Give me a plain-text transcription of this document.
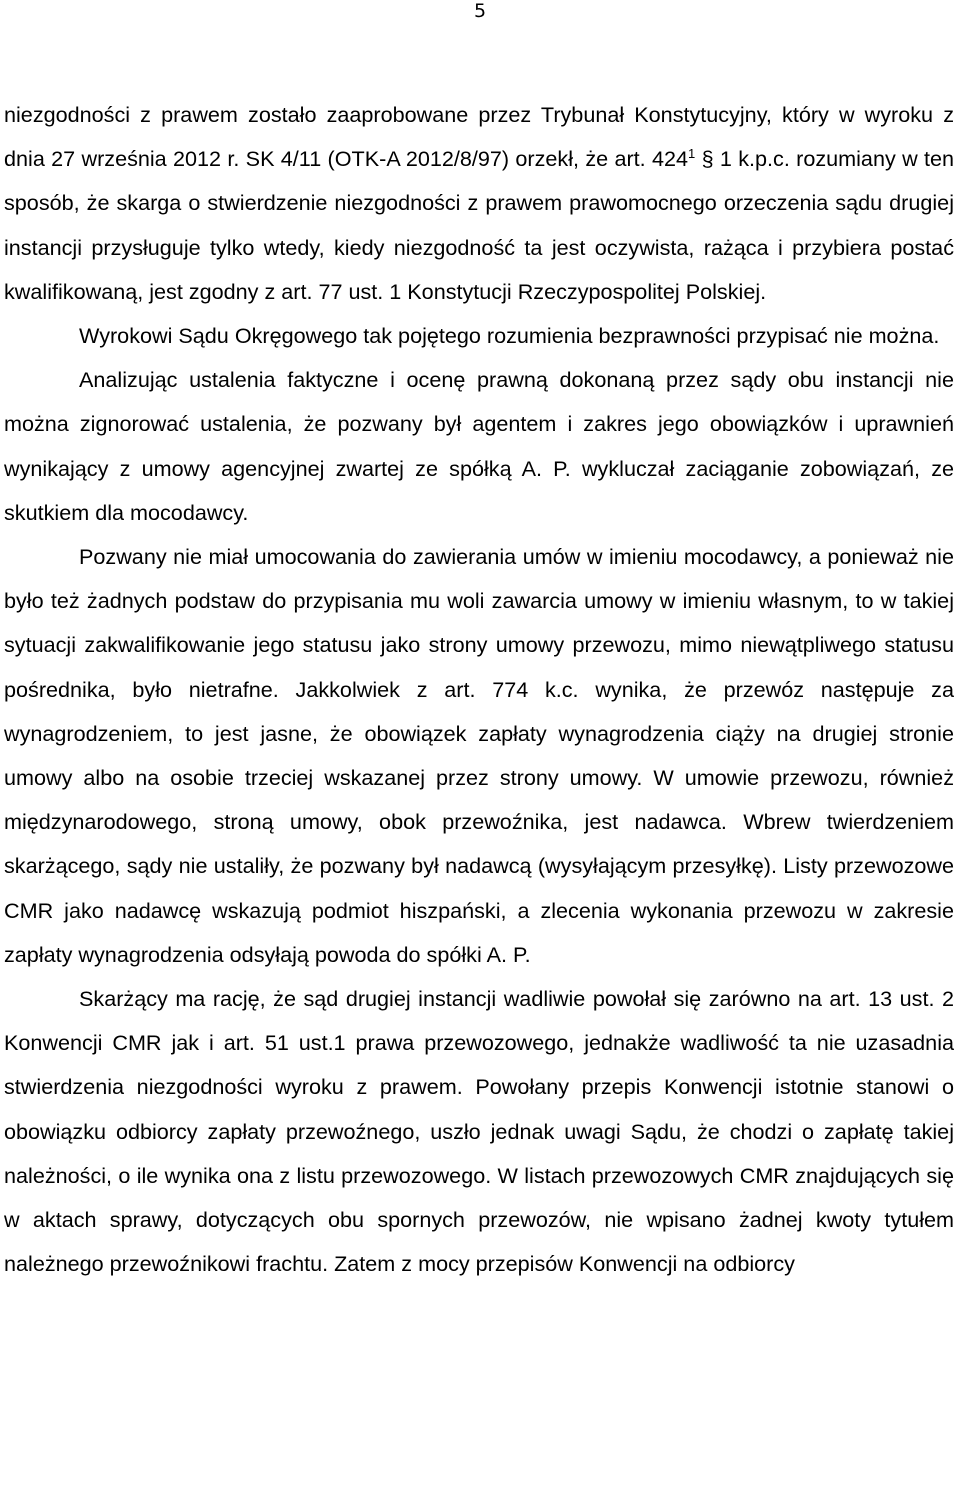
5

niezgodności z prawem zostało zaaprobowane przez Trybunał Konstytucyjny, który w wyroku z dnia 27 września 2012 r. SK 4/11 (OTK-A 2012/8/97) orzekł, że art. $424^1$ § 1 k.p.c. rozumiany w ten sposób, że skarga o stwierdzenie niezgodności z prawem prawomocnego orzeczenia sądu drugiej instancji przysługuje tylko wtedy, kiedy niezgodność ta jest oczywista, rażąca i przybiera postać kwalifikowaną, jest zgodny z art. 77 ust. 1 Konstytucji Rzeczypospolitej Polskiej.

Wyrokowi Sądu Okręgowego tak pojętego rozumienia bezprawności przypisać nie można.

Analizując ustalenia faktyczne i ocenę prawną dokonaną przez sądy obu instancji nie można zignorować ustalenia, że pozwany był agentem i zakres jego obowiązków i uprawnień wynikający z umowy agencyjnej zwartej ze spółką A. P. wykluczał zaciąganie zobowiązań, ze skutkiem dla mocodawcy.

Pozwany nie miał umocowania do zawierania umów w imieniu mocodawcy, a ponieważ nie było też żadnych podstaw do przypisania mu woli zawarcia umowy w imieniu własnym, to w takiej sytuacji zakwalifikowanie jego statusu jako strony umowy przewozu, mimo niewątpliwego statusu pośrednika, było nietrafne. Jakkolwiek z art. 774 k.c. wynika, że przewóz następuje za wynagrodzeniem, to jest jasne, że obowiązek zapłaty wynagrodzenia ciąży na drugiej stronie umowy albo na osobie trzeciej wskazanej przez strony umowy. W umowie przewozu, również międzynarodowego, stroną umowy, obok przewoźnika, jest nadawca. Wbrew twierdzeniem skarżącego, sądy nie ustaliły, że pozwany był nadawcą (wysyłającym przesyłkę). Listy przewozowe CMR jako nadawcę wskazują podmiot hiszpański, a zlecenia wykonania przewozu w zakresie zapłaty wynagrodzenia odsyłają powoda do spółki A. P.

Skarżący ma rację, że sąd drugiej instancji wadliwie powołał się zarówno na art. 13 ust. 2 Konwencji CMR jak i art. 51 ust.1 prawa przewozowego, jednakże wadliwość ta nie uzasadnia stwierdzenia niezgodności wyroku z prawem. Powołany przepis Konwencji istotnie stanowi o obowiązku odbiorcy zapłaty przewoźnego, uszło jednak uwagi Sądu, że chodzi o zapłatę takiej należności, o ile wynika ona z listu przewozowego. W listach przewozowych CMR znajdujących się w aktach sprawy, dotyczących obu spornych przewozów, nie wpisano żadnej kwoty tytułem należnego przewoźnikowi frachtu. Zatem z mocy przepisów Konwencji na odbiorcy
